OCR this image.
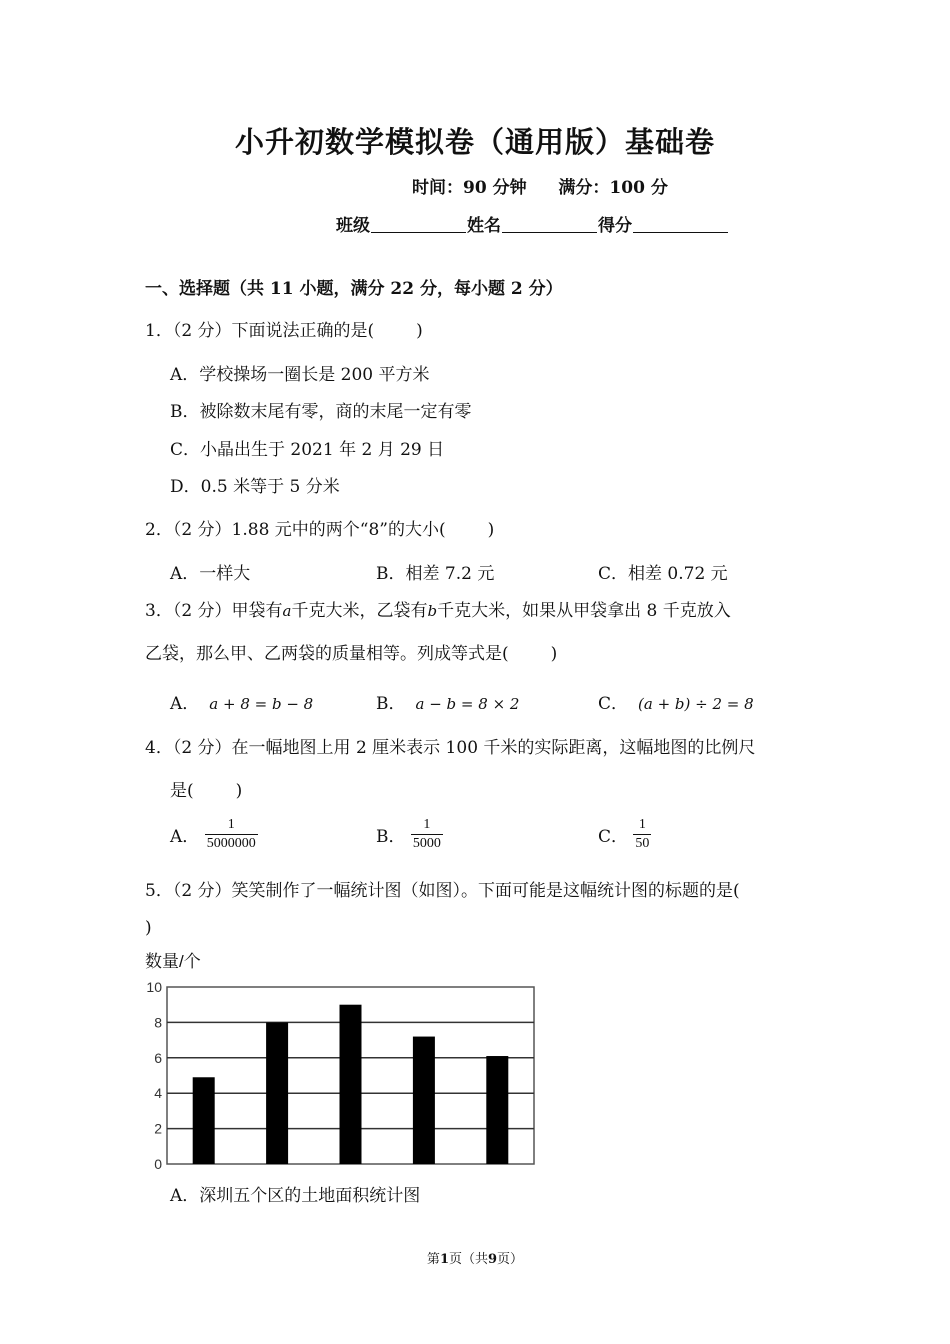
小升初数学模拟卷（通用版）基础卷
时间：90 分钟 满分：100 分
班级	姓名	得分
一、选择题（共 11 小题，满分 22 分，每小题 2 分）
1．（2 分）下面说法正确的是( )
A．学校操场一圈长是 200 平方米
B．被除数末尾有零，商的末尾一定有零
C．小晶出生于 2021 年 2 月 29 日
D．0.5 米等于 5 分米
2．（2 分）1.88 元中的两个“8”的大小( )
A．一样大	B．相差 7.2 元	C．相差 0.72 元
3．（2 分）甲袋有a千克大米，乙袋有b千克大米，如果从甲袋拿出 8 千克放入
乙袋，那么甲、乙两袋的质量相等。列成等式是( )
A． a + 8 = b − 8	B． a − b = 8 × 2	C． (a + b) ÷ 2 = 8
4．（2 分）在一幅地图上用 2 厘米表示 100 千米的实际距离，这幅地图的比例尺
是( )
A． $\frac{1}{5000000}$	B． $\frac{1}{5000}$	C． $\frac{1}{50}$
5．（2 分）笑笑制作了一幅统计图（如图）。下面可能是这幅统计图的标题的是(
)
数量/个
0
2
4
6
8
10
A．深圳五个区的土地面积统计图
第1页（共9页）
